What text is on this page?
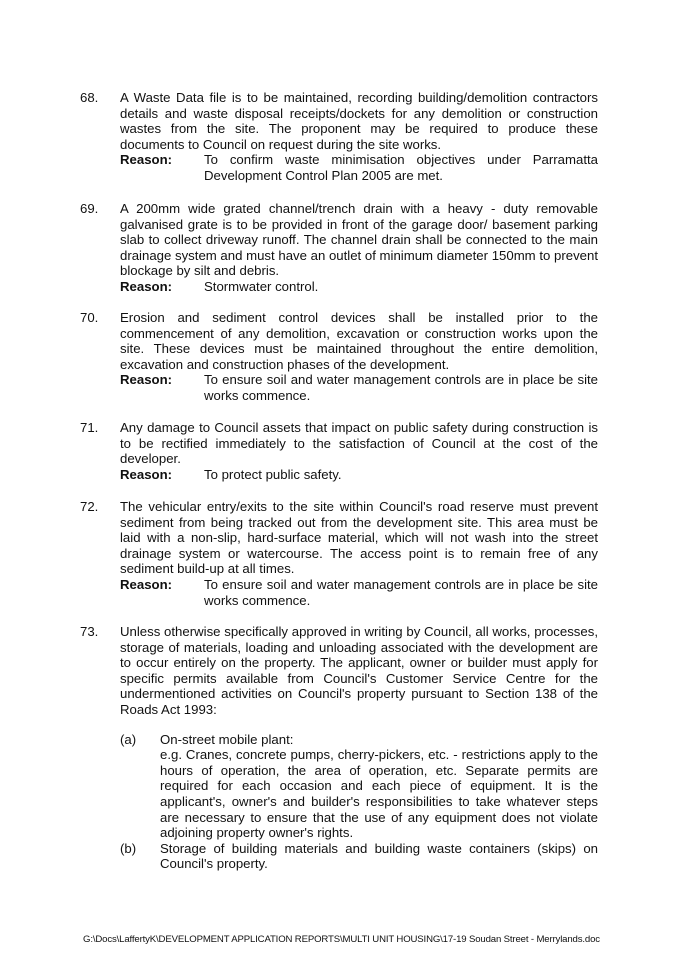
68. A Waste Data file is to be maintained, recording building/demolition contractors details and waste disposal receipts/dockets for any demolition or construction wastes from the site. The proponent may be required to produce these documents to Council on request during the site works.

Reason: To confirm waste minimisation objectives under Parramatta Development Control Plan 2005 are met.
69. A 200mm wide grated channel/trench drain with a heavy - duty removable galvanised grate is to be provided in front of the garage door/ basement parking slab to collect driveway runoff. The channel drain shall be connected to the main drainage system and must have an outlet of minimum diameter 150mm to prevent blockage by silt and debris.

Reason: Stormwater control.
70. Erosion and sediment control devices shall be installed prior to the commencement of any demolition, excavation or construction works upon the site. These devices must be maintained throughout the entire demolition, excavation and construction phases of the development.

Reason: To ensure soil and water management controls are in place be site works commence.
71. Any damage to Council assets that impact on public safety during construction is to be rectified immediately to the satisfaction of Council at the cost of the developer.

Reason: To protect public safety.
72. The vehicular entry/exits to the site within Council's road reserve must prevent sediment from being tracked out from the development site. This area must be laid with a non-slip, hard-surface material, which will not wash into the street drainage system or watercourse. The access point is to remain free of any sediment build-up at all times.

Reason: To ensure soil and water management controls are in place be site works commence.
73. Unless otherwise specifically approved in writing by Council, all works, processes, storage of materials, loading and unloading associated with the development are to occur entirely on the property. The applicant, owner or builder must apply for specific permits available from Council's Customer Service Centre for the undermentioned activities on Council's property pursuant to Section 138 of the Roads Act 1993:

(a) On-street mobile plant:
e.g. Cranes, concrete pumps, cherry-pickers, etc. - restrictions apply to the hours of operation, the area of operation, etc. Separate permits are required for each occasion and each piece of equipment. It is the applicant's, owner's and builder's responsibilities to take whatever steps are necessary to ensure that the use of any equipment does not violate adjoining property owner's rights.
(b) Storage of building materials and building waste containers (skips) on Council's property.
G:\Docs\LaffertyK\DEVELOPMENT APPLICATION REPORTS\MULTI UNIT HOUSING\17-19 Soudan Street - Merrylands.doc
